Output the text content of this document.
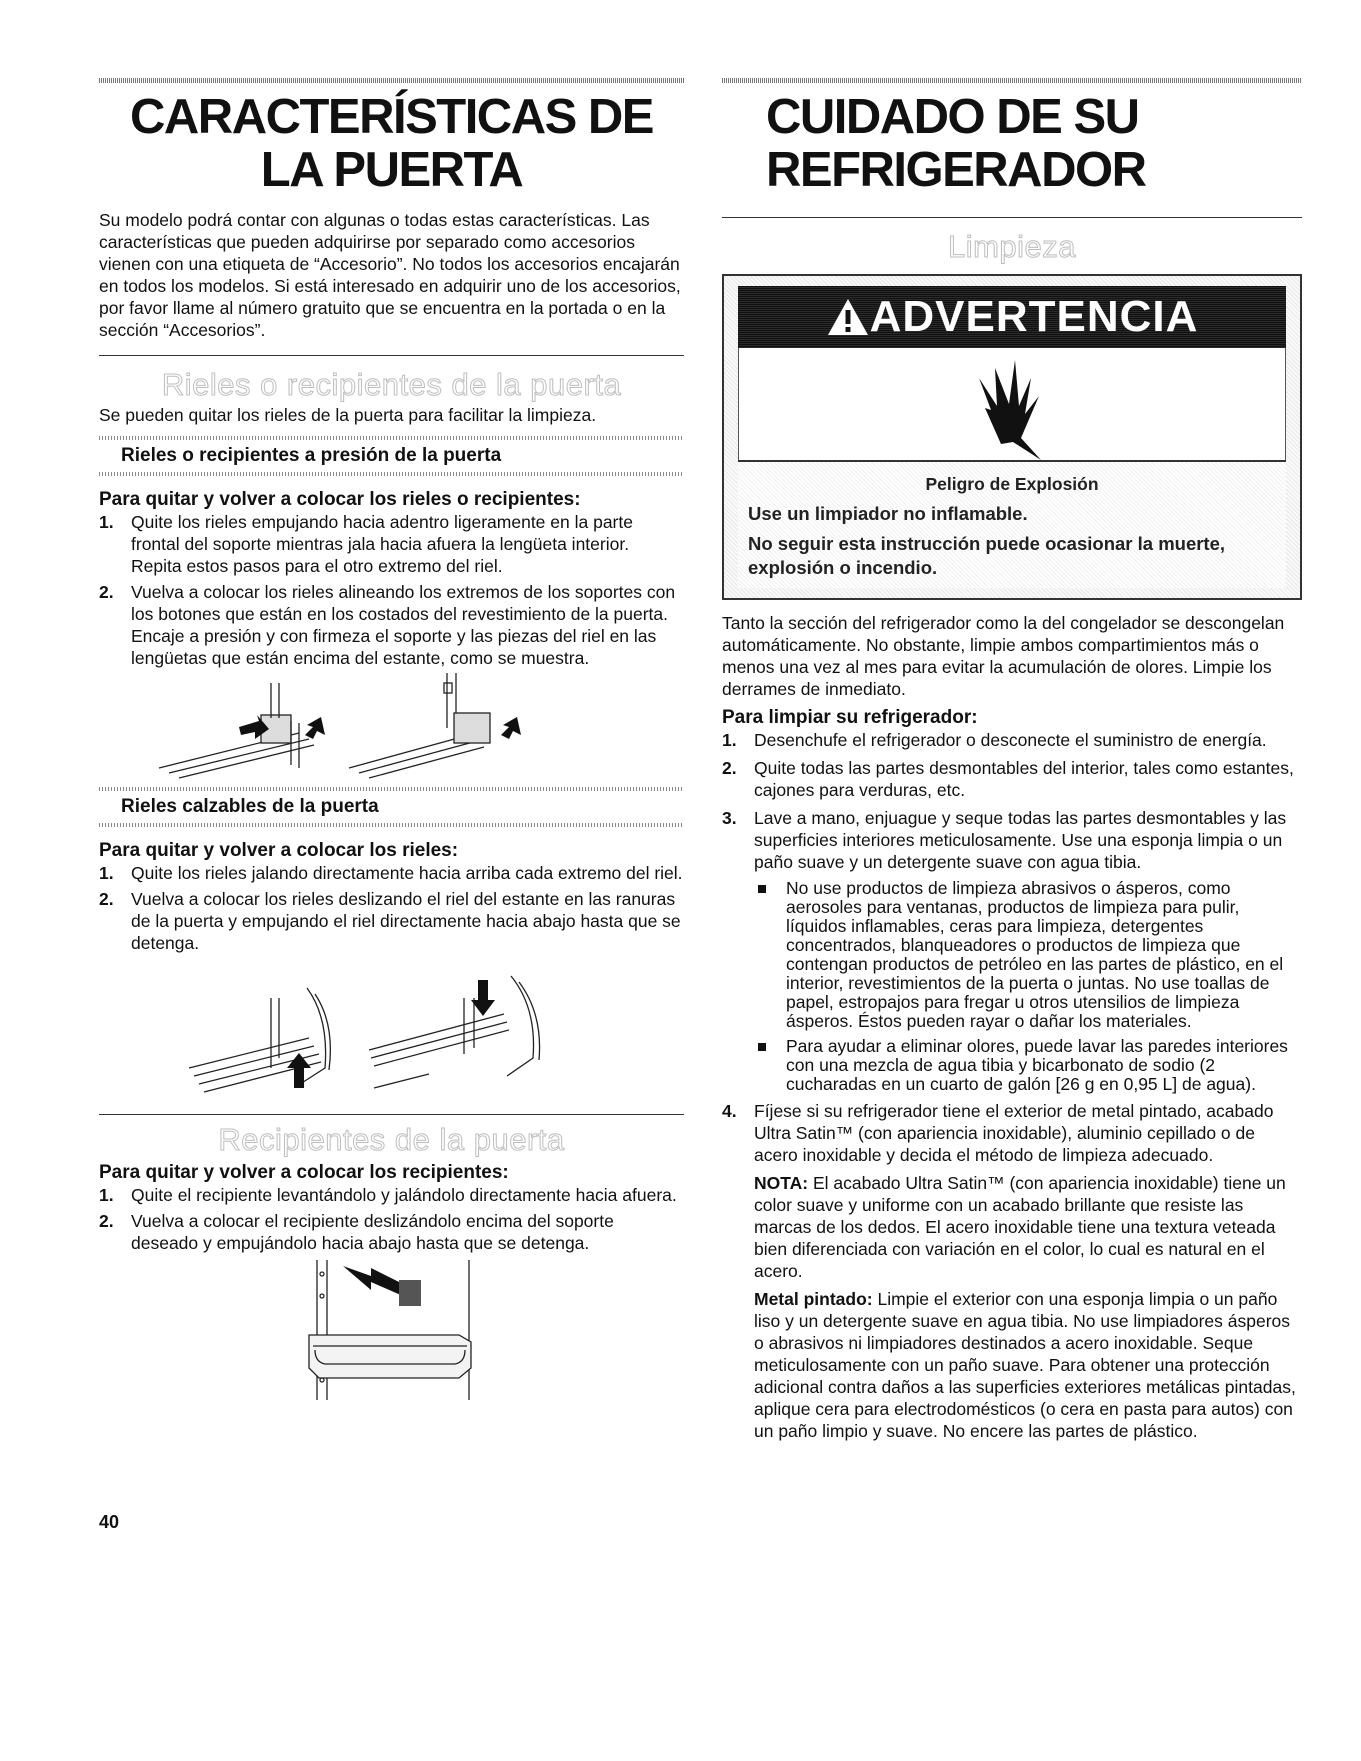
CARACTERÍSTICAS DE
LA PUERTA

Su modelo podrá contar con algunas o todas estas características. Las características que pueden adquirirse por separado como accesorios vienen con una etiqueta de “Accesorio”. No todos los accesorios encajarán en todos los modelos. Si está interesado en adquirir uno de los accesorios, por favor llame al número gratuito que se encuentra en la portada o en la sección “Accesorios”.

Rieles o recipientes de la puerta

Se pueden quitar los rieles de la puerta para facilitar la limpieza.

Rieles o recipientes a presión de la puerta

Para quitar y volver a colocar los rieles o recipientes:

1. Quite los rieles empujando hacia adentro ligeramente en la parte frontal del soporte mientras jala hacia afuera la lengüeta interior. Repita estos pasos para el otro extremo del riel.
2. Vuelva a colocar los rieles alineando los extremos de los soportes con los botones que están en los costados del revestimiento de la puerta. Encaje a presión y con firmeza el soporte y las piezas del riel en las lengüetas que están encima del estante, como se muestra.
Rieles calzables de la puerta

Para quitar y volver a colocar los rieles:

1. Quite los rieles jalando directamente hacia arriba cada extremo del riel.
2. Vuelva a colocar los rieles deslizando el riel del estante en las ranuras de la puerta y empujando el riel directamente hacia abajo hasta que se detenga.

Recipientes de la puerta

Para quitar y volver a colocar los recipientes:

1. Quite el recipiente levantándolo y jalándolo directamente hacia afuera.
2. Vuelva a colocar el recipiente deslizándolo encima del soporte deseado y empujándolo hacia abajo hasta que se detenga.
40
CUIDADO DE SU
REFRIGERADOR

Limpieza

ADVERTENCIA

Peligro de Explosión

Use un limpiador no inflamable.

No seguir esta instrucción puede ocasionar la muerte, explosión o incendio.

Tanto la sección del refrigerador como la del congelador se descongelan automáticamente. No obstante, limpie ambos compartimientos más o menos una vez al mes para evitar la acumulación de olores. Limpie los derrames de inmediato.

Para limpiar su refrigerador:

1. Desenchufe el refrigerador o desconecte el suministro de energía.
2. Quite todas las partes desmontables del interior, tales como estantes, cajones para verduras, etc.
3. Lave a mano, enjuague y seque todas las partes desmontables y las superficies interiores meticulosamente. Use una esponja limpia o un paño suave y un detergente suave con agua tibia.
No use productos de limpieza abrasivos o ásperos, como aerosoles para ventanas, productos de limpieza para pulir, líquidos inflamables, ceras para limpieza, detergentes concentrados, blanqueadores o productos de limpieza que contengan productos de petróleo en las partes de plástico, en el interior, revestimientos de la puerta o juntas. No use toallas de papel, estropajos para fregar u otros utensilios de limpieza ásperos. Éstos pueden rayar o dañar los materiales.
Para ayudar a eliminar olores, puede lavar las paredes interiores con una mezcla de agua tibia y bicarbonato de sodio (2 cucharadas en un cuarto de galón [26 g en 0,95 L] de agua).
4. Fíjese si su refrigerador tiene el exterior de metal pintado, acabado Ultra Satin™ (con apariencia inoxidable), aluminio cepillado o de acero inoxidable y decida el método de limpieza adecuado.

NOTA: El acabado Ultra Satin™ (con apariencia inoxidable) tiene un color suave y uniforme con un acabado brillante que resiste las marcas de los dedos. El acero inoxidable tiene una textura veteada bien diferenciada con variación en el color, lo cual es natural en el acero.

Metal pintado: Limpie el exterior con una esponja limpia o un paño liso y un detergente suave en agua tibia. No use limpiadores ásperos o abrasivos ni limpiadores destinados a acero inoxidable. Seque meticulosamente con un paño suave. Para obtener una protección adicional contra daños a las superficies exteriores metálicas pintadas, aplique cera para electrodomésticos (o cera en pasta para autos) con un paño limpio y suave. No encere las partes de plástico.
